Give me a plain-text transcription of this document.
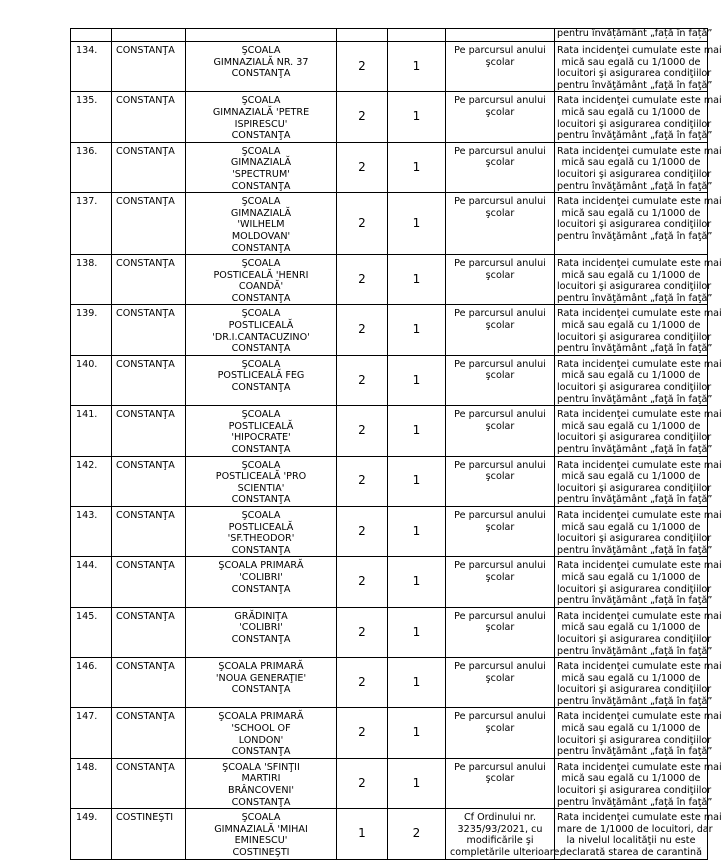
						pentru învățământ „față în față”

134.	CONSTANŢA	ŞCOALA
GIMNAZIALĂ NR. 37
CONSTANŢA	2	1	Pe parcursul anului
şcolar	Rata incidenţei cumulate este mai
mică sau egală cu 1/1000 de
locuitori şi asigurarea condiţiilor
pentru învăţământ „faţă în faţă”

135.	CONSTANŢA	ŞCOALA
GIMNAZIALĂ 'PETRE
ISPIRESCU'
CONSTANŢA	2	1	Pe parcursul anului
şcolar	Rata incidenţei cumulate este mai
mică sau egală cu 1/1000 de
locuitori şi asigurarea condiţiilor
pentru învăţământ „faţă în faţă”

136.	CONSTANŢA	ŞCOALA
GIMNAZIALĂ
'SPECTRUM'
CONSTANŢA	2	1	Pe parcursul anului
şcolar	Rata incidenţei cumulate este mai
mică sau egală cu 1/1000 de
locuitori şi asigurarea condiţiilor
pentru învăţământ „faţă în faţă”

137.	CONSTANŢA	ŞCOALA
GIMNAZIALĂ
'WILHELM
MOLDOVAN'
CONSTANŢA	2	1	Pe parcursul anului
şcolar	Rata incidenţei cumulate este mai
mică sau egală cu 1/1000 de
locuitori şi asigurarea condiţiilor
pentru învăţământ „faţă în faţă”

138.	CONSTANŢA	ŞCOALA
POSTICEALĂ 'HENRI
COANDĂ'
CONSTANŢA	2	1	Pe parcursul anului
şcolar	Rata incidenţei cumulate este mai
mică sau egală cu 1/1000 de
locuitori şi asigurarea condiţiilor
pentru învăţământ „faţă în faţă”

139.	CONSTANŢA	ŞCOALA
POSTLICEALĂ
'DR.I.CANTACUZINO'
CONSTANŢA	2	1	Pe parcursul anului
şcolar	Rata incidenţei cumulate este mai
mică sau egală cu 1/1000 de
locuitori şi asigurarea condiţiilor
pentru învăţământ „faţă în faţă”

140.	CONSTANŢA	ŞCOALA
POSTLICEALĂ FEG
CONSTANŢA	2	1	Pe parcursul anului
şcolar	Rata incidenţei cumulate este mai
mică sau egală cu 1/1000 de
locuitori şi asigurarea condiţiilor
pentru învăţământ „faţă în faţă”

141.	CONSTANŢA	ŞCOALA
POSTLICEALĂ
'HIPOCRATE'
CONSTANŢA	2	1	Pe parcursul anului
şcolar	Rata incidenţei cumulate este mai
mică sau egală cu 1/1000 de
locuitori şi asigurarea condiţiilor
pentru învăţământ „faţă în faţă”

142.	CONSTANŢA	ŞCOALA
POSTLICEALĂ 'PRO
SCIENTIA'
CONSTANŢA	2	1	Pe parcursul anului
şcolar	Rata incidenţei cumulate este mai
mică sau egală cu 1/1000 de
locuitori şi asigurarea condiţiilor
pentru învăţământ „faţă în faţă”

143.	CONSTANŢA	ŞCOALA
POSTLICEALĂ
'SF.THEODOR'
CONSTANŢA	2	1	Pe parcursul anului
şcolar	Rata incidenţei cumulate este mai
mică sau egală cu 1/1000 de
locuitori şi asigurarea condiţiilor
pentru învăţământ „faţă în faţă”

144.	CONSTANŢA	ŞCOALA PRIMARĂ
'COLIBRI'
CONSTANŢA	2	1	Pe parcursul anului
şcolar	Rata incidenţei cumulate este mai
mică sau egală cu 1/1000 de
locuitori şi asigurarea condiţiilor
pentru învăţământ „faţă în faţă”

145.	CONSTANŢA	GRĂDINIŢA
'COLIBRI'
CONSTANŢA	2	1	Pe parcursul anului
şcolar	Rata incidenţei cumulate este mai
mică sau egală cu 1/1000 de
locuitori şi asigurarea condiţiilor
pentru învăţământ „faţă în faţă”

146.	CONSTANŢA	ŞCOALA PRIMARĂ
'NOUA GENERAŢIE'
CONSTANŢA	2	1	Pe parcursul anului
şcolar	Rata incidenţei cumulate este mai
mică sau egală cu 1/1000 de
locuitori şi asigurarea condiţiilor
pentru învăţământ „faţă în faţă”

147.	CONSTANŢA	ŞCOALA PRIMARĂ
'SCHOOL OF
LONDON'
CONSTANŢA	2	1	Pe parcursul anului
şcolar	Rata incidenţei cumulate este mai
mică sau egală cu 1/1000 de
locuitori şi asigurarea condiţiilor
pentru învăţământ „faţă în faţă”

148.	CONSTANŢA	ŞCOALA 'SFINŢII
MARTIRI
BRÂNCOVENI'
CONSTANŢA	2	1	Pe parcursul anului
şcolar	Rata incidenţei cumulate este mai
mică sau egală cu 1/1000 de
locuitori şi asigurarea condiţiilor
pentru învăţământ „faţă în faţă”

149.	COSTINEŞTI	ŞCOALA
GIMNAZIALĂ 'MIHAI
EMINESCU'
COSTINEŞTI	1	2	Cf Ordinului nr.
3235/93/2021, cu
modificările şi
completările ulterioare,	Rata incidenţei cumulate este mai
mare de 1/1000 de locuitori, dar
la nivelul localităţii nu este
declarată starea de carantină
